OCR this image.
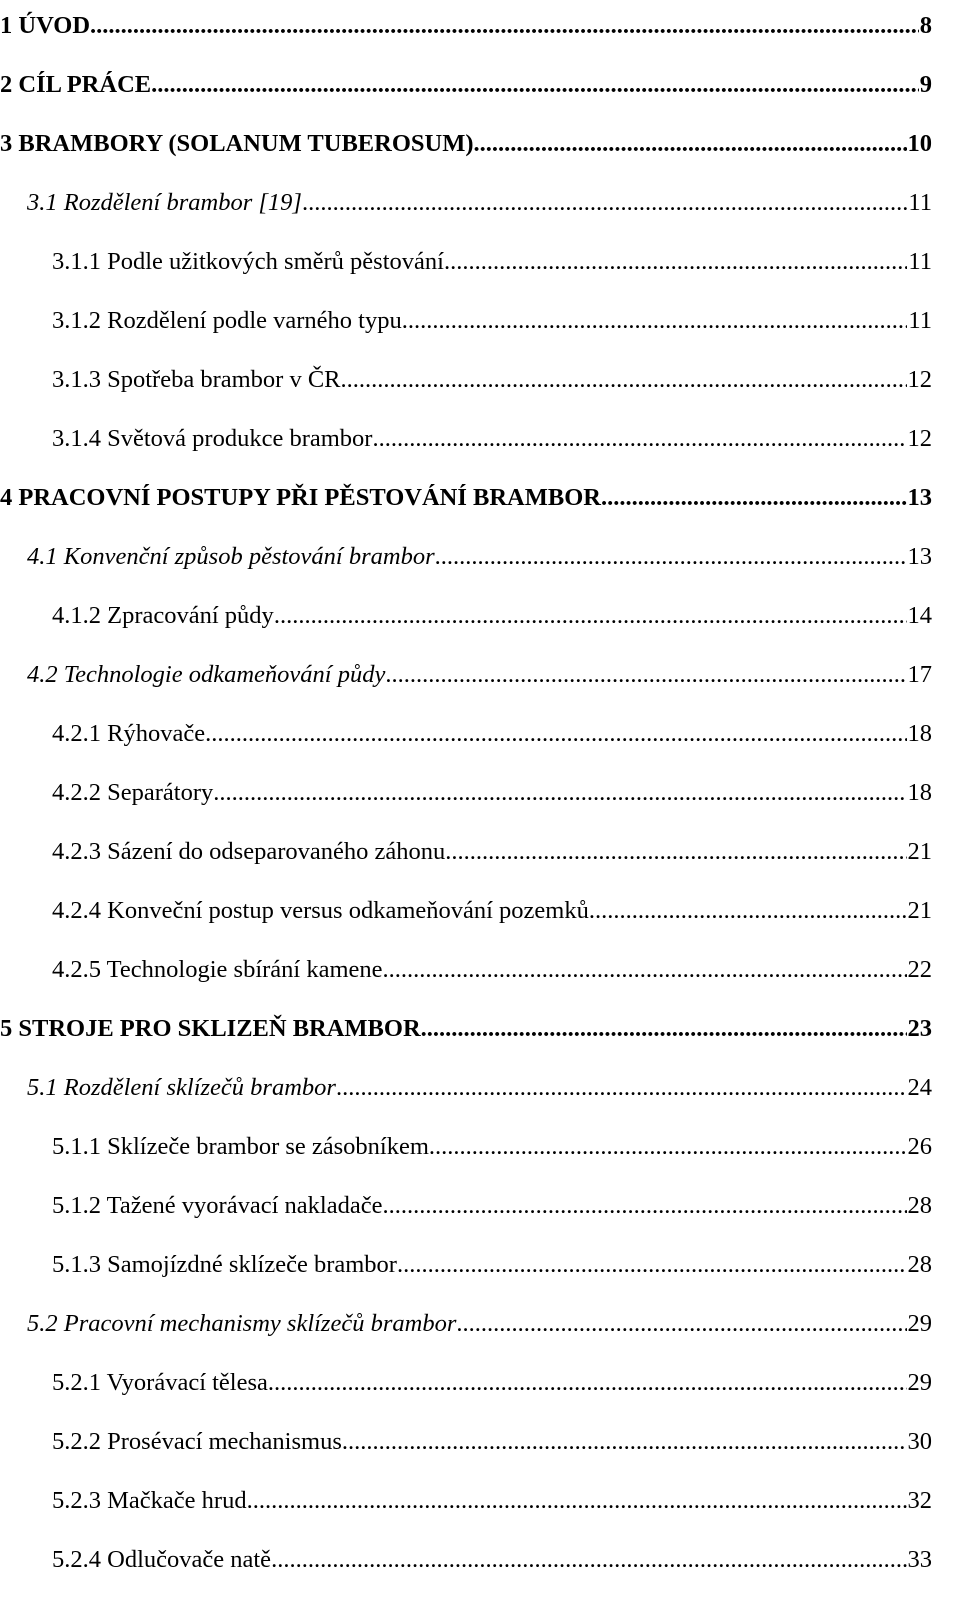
1 ÚVOD .....	8
2 CÍL PRÁCE .....	9
3 BRAMBORY (SOLANUM TUBEROSUM) .....	10
3.1 Rozdělení brambor [19] .....	11
3.1.1 Podle užitkových směrů pěstování .....	11
3.1.2 Rozdělení podle varného typu .....	11
3.1.3 Spotřeba brambor v ČR .....	12
3.1.4 Světová produkce brambor .....	12
4 PRACOVNÍ POSTUPY PŘI PĚSTOVÁNÍ BRAMBOR .....	13
4.1 Konvenční způsob pěstování brambor .....	13
4.1.2 Zpracování půdy .....	14
4.2 Technologie odkameňování půdy .....	17
4.2.1 Rýhovače .....	18
4.2.2 Separátory .....	18
4.2.3 Sázení do odseparovaného záhonu .....	21
4.2.4 Konveční postup versus odkameňování pozemků .....	21
4.2.5 Technologie sbírání kamene .....	22
5 STROJE PRO SKLIZEŇ BRAMBOR .....	23
5.1 Rozdělení sklízečů brambor .....	24
5.1.1 Sklízeče brambor se zásobníkem .....	26
5.1.2 Tažené vyorávací nakladače .....	28
5.1.3 Samojízdné sklízeče brambor .....	28
5.2 Pracovní mechanismy sklízečů brambor .....	29
5.2.1 Vyorávací tělesa .....	29
5.2.2 Prosévací mechanismus .....	30
5.2.3 Mačkače hrud .....	32
5.2.4 Odlučovače natě .....	33
